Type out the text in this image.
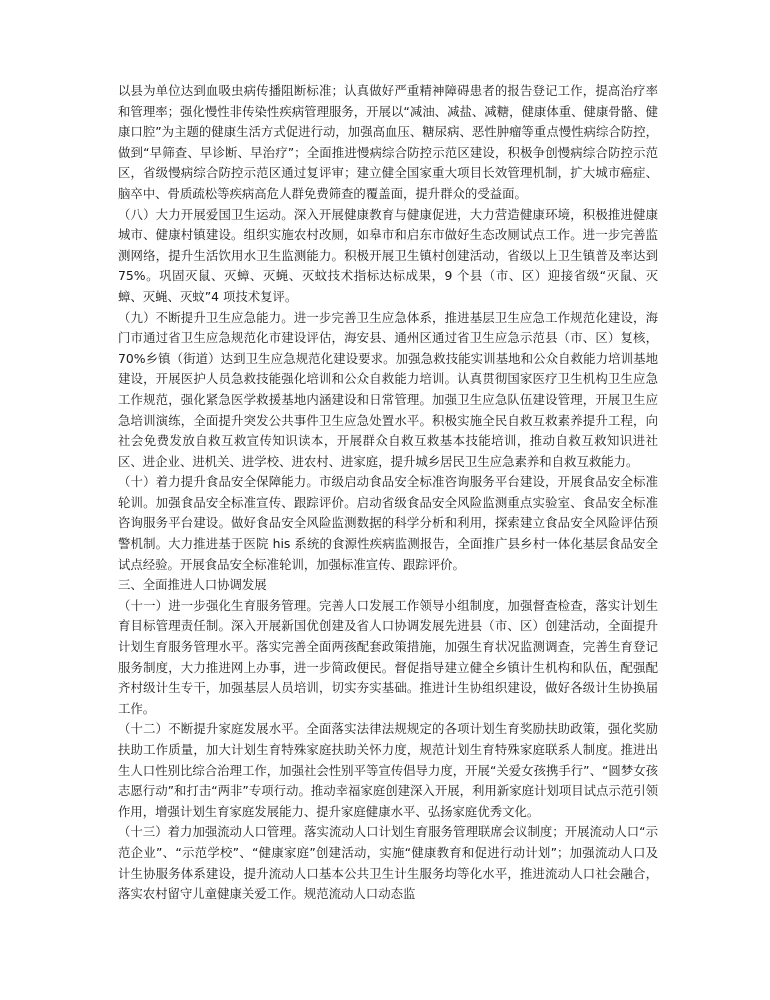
以县为单位达到血吸虫病传播阻断标准；认真做好严重精神障碍患者的报告登记工作，提高治疗率和管理率；强化慢性非传染性疾病管理服务，开展以“减油、减盐、减糖，健康体重、健康骨骼、健康口腔”为主题的健康生活方式促进行动，加强高血压、糖尿病、恶性肿瘤等重点慢性病综合防控，做到“早筛查、早诊断、早治疗”；全面推进慢病综合防控示范区建设，积极争创慢病综合防控示范区，省级慢病综合防控示范区通过复评审；建立健全国家重大项目长效管理机制，扩大城市癌症、脑卒中、骨质疏松等疾病高危人群免费筛查的覆盖面，提升群众的受益面。

（八）大力开展爱国卫生运动。深入开展健康教育与健康促进，大力营造健康环境，积极推进健康城市、健康村镇建设。组织实施农村改厕，如皋市和启东市做好生态改厕试点工作。进一步完善监测网络，提升生活饮用水卫生监测能力。积极开展卫生镇村创建活动，省级以上卫生镇普及率达到 75%。巩固灭鼠、灭蟑、灭蝇、灭蚊技术指标达标成果，9 个县（市、区）迎接省级“灭鼠、灭蟑、灭蝇、灭蚊”4 项技术复评。

（九）不断提升卫生应急能力。进一步完善卫生应急体系，推进基层卫生应急工作规范化建设，海门市通过省卫生应急规范化市建设评估，海安县、通州区通过省卫生应急示范县（市、区）复核，70%乡镇（街道）达到卫生应急规范化建设要求。加强急救技能实训基地和公众自救能力培训基地建设，开展医护人员急救技能强化培训和公众自救能力培训。认真贯彻国家医疗卫生机构卫生应急工作规范，强化紧急医学救援基地内涵建设和日常管理。加强卫生应急队伍建设管理，开展卫生应急培训演练，全面提升突发公共事件卫生应急处置水平。积极实施全民自救互救素养提升工程，向社会免费发放自救互救宣传知识读本，开展群众自救互救基本技能培训，推动自救互救知识进社区、进企业、进机关、进学校、进农村、进家庭，提升城乡居民卫生应急素养和自救互救能力。

（十）着力提升食品安全保障能力。市级启动食品安全标准咨询服务平台建设，开展食品安全标准轮训。加强食品安全标准宣传、跟踪评价。启动省级食品安全风险监测重点实验室、食品安全标准咨询服务平台建设。做好食品安全风险监测数据的科学分析和利用，探索建立食品安全风险评估预警机制。大力推进基于医院 his 系统的食源性疾病监测报告，全面推广县乡村一体化基层食品安全试点经验。开展食品安全标准轮训，加强标准宣传、跟踪评价。

三、全面推进人口协调发展

（十一）进一步强化生育服务管理。完善人口发展工作领导小组制度，加强督查检查，落实计划生育目标管理责任制。深入开展新国优创建及省人口协调发展先进县（市、区）创建活动，全面提升计划生育服务管理水平。落实完善全面两孩配套政策措施，加强生育状况监测调查，完善生育登记服务制度，大力推进网上办事，进一步简政便民。督促指导建立健全乡镇计生机构和队伍，配强配齐村级计生专干，加强基层人员培训，切实夯实基础。推进计生协组织建设，做好各级计生协换届工作。

（十二）不断提升家庭发展水平。全面落实法律法规规定的各项计划生育奖励扶助政策，强化奖励扶助工作质量，加大计划生育特殊家庭扶助关怀力度，规范计划生育特殊家庭联系人制度。推进出生人口性别比综合治理工作，加强社会性别平等宣传倡导力度，开展“关爱女孩携手行”、“圆梦女孩志愿行动”和打击“两非”专项行动。推动幸福家庭创建深入开展，利用新家庭计划项目试点示范引领作用，增强计划生育家庭发展能力、提升家庭健康水平、弘扬家庭优秀文化。

（十三）着力加强流动人口管理。落实流动人口计划生育服务管理联席会议制度；开展流动人口“示范企业”、“示范学校”、“健康家庭”创建活动，实施“健康教育和促进行动计划”；加强流动人口及计生协服务体系建设，提升流动人口基本公共卫生计生服务均等化水平，推进流动人口社会融合，落实农村留守儿童健康关爱工作。规范流动人口动态监
